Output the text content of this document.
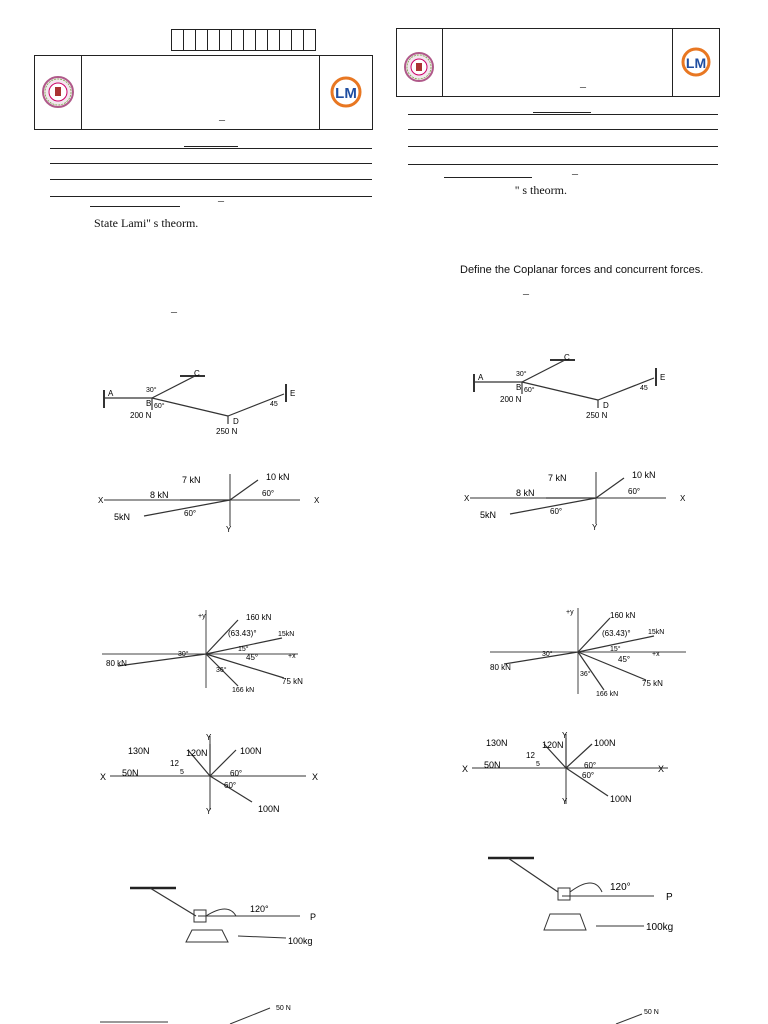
–
LM
–
State Lami'' s theorm.
–
–
LM
–
'' s theorm.
Define the Coplanar forces and concurrent forces.
–
A
B
C
D
E
30°
60°	45
200 N
250 N
A
B
C
D
E
30°
60°	45
200 N
250 N
X	X
Y
7 kN	10 kN
8 kN
5kN
60°
60°
X	X
Y
7 kN	10 kN
8 kN
5kN
60°
60°
+y
+x
160 kN
15kN
75 kN
80 kN
166 kN
(63.43)°
45°
15°
30°
36°
+y
+x
160 kN
15kN
75 kN
80 kN
166 kN
(63.43)°
45°
15°
30°
36°
X	X
Y
Y
130N	120N	100N
100N
50N	60°
60°
12
5	X	X
Y
Y
130N	120N	100N
100N
50N	60°
60°
12
5
120°
P
100kg
120°
P
100kg
50 N
50 N
